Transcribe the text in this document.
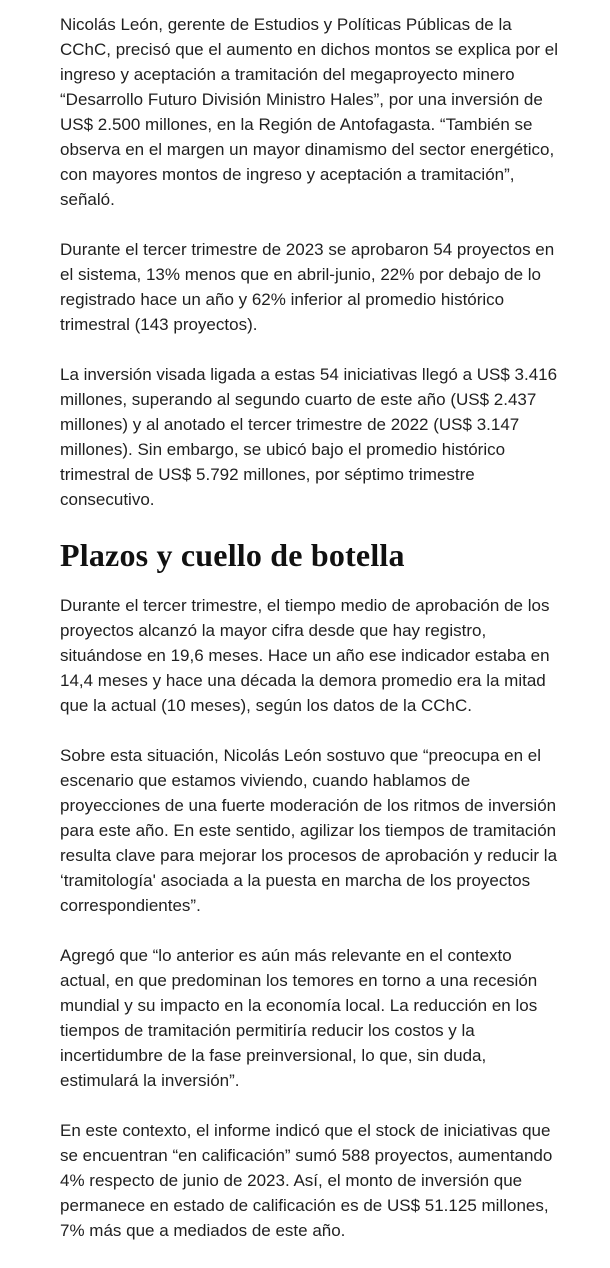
Nicolás León, gerente de Estudios y Políticas Públicas de la CChC, precisó que el aumento en dichos montos se explica por el ingreso y aceptación a tramitación del megaproyecto minero “Desarrollo Futuro División Ministro Hales”, por una inversión de US$ 2.500 millones, en la Región de Antofagasta. “También se observa en el margen un mayor dinamismo del sector energético, con mayores montos de ingreso y aceptación a tramitación”, señaló.

Durante el tercer trimestre de 2023 se aprobaron 54 proyectos en el sistema, 13% menos que en abril-junio, 22% por debajo de lo registrado hace un año y 62% inferior al promedio histórico trimestral (143 proyectos).

La inversión visada ligada a estas 54 iniciativas llegó a US$ 3.416 millones, superando al segundo cuarto de este año (US$ 2.437 millones) y al anotado el tercer trimestre de 2022 (US$ 3.147 millones). Sin embargo, se ubicó bajo el promedio histórico trimestral de US$ 5.792 millones, por séptimo trimestre consecutivo.

Plazos y cuello de botella

Durante el tercer trimestre, el tiempo medio de aprobación de los proyectos alcanzó la mayor cifra desde que hay registro, situándose en 19,6 meses. Hace un año ese indicador estaba en 14,4 meses y hace una década la demora promedio era la mitad que la actual (10 meses), según los datos de la CChC.

Sobre esta situación, Nicolás León sostuvo que “preocupa en el escenario que estamos viviendo, cuando hablamos de proyecciones de una fuerte moderación de los ritmos de inversión para este año. En este sentido, agilizar los tiempos de tramitación resulta clave para mejorar los procesos de aprobación y reducir la ‘tramitología' asociada a la puesta en marcha de los proyectos correspondientes”.

Agregó que “lo anterior es aún más relevante en el contexto actual, en que predominan los temores en torno a una recesión mundial y su impacto en la economía local. La reducción en los tiempos de tramitación permitiría reducir los costos y la incertidumbre de la fase preinversional, lo que, sin duda, estimulará la inversión”.

En este contexto, el informe indicó que el stock de iniciativas que se encuentran “en calificación” sumó 588 proyectos, aumentando 4% respecto de junio de 2023. Así, el monto de inversión que permanece en estado de calificación es de US$ 51.125 millones, 7% más que a mediados de este año.
